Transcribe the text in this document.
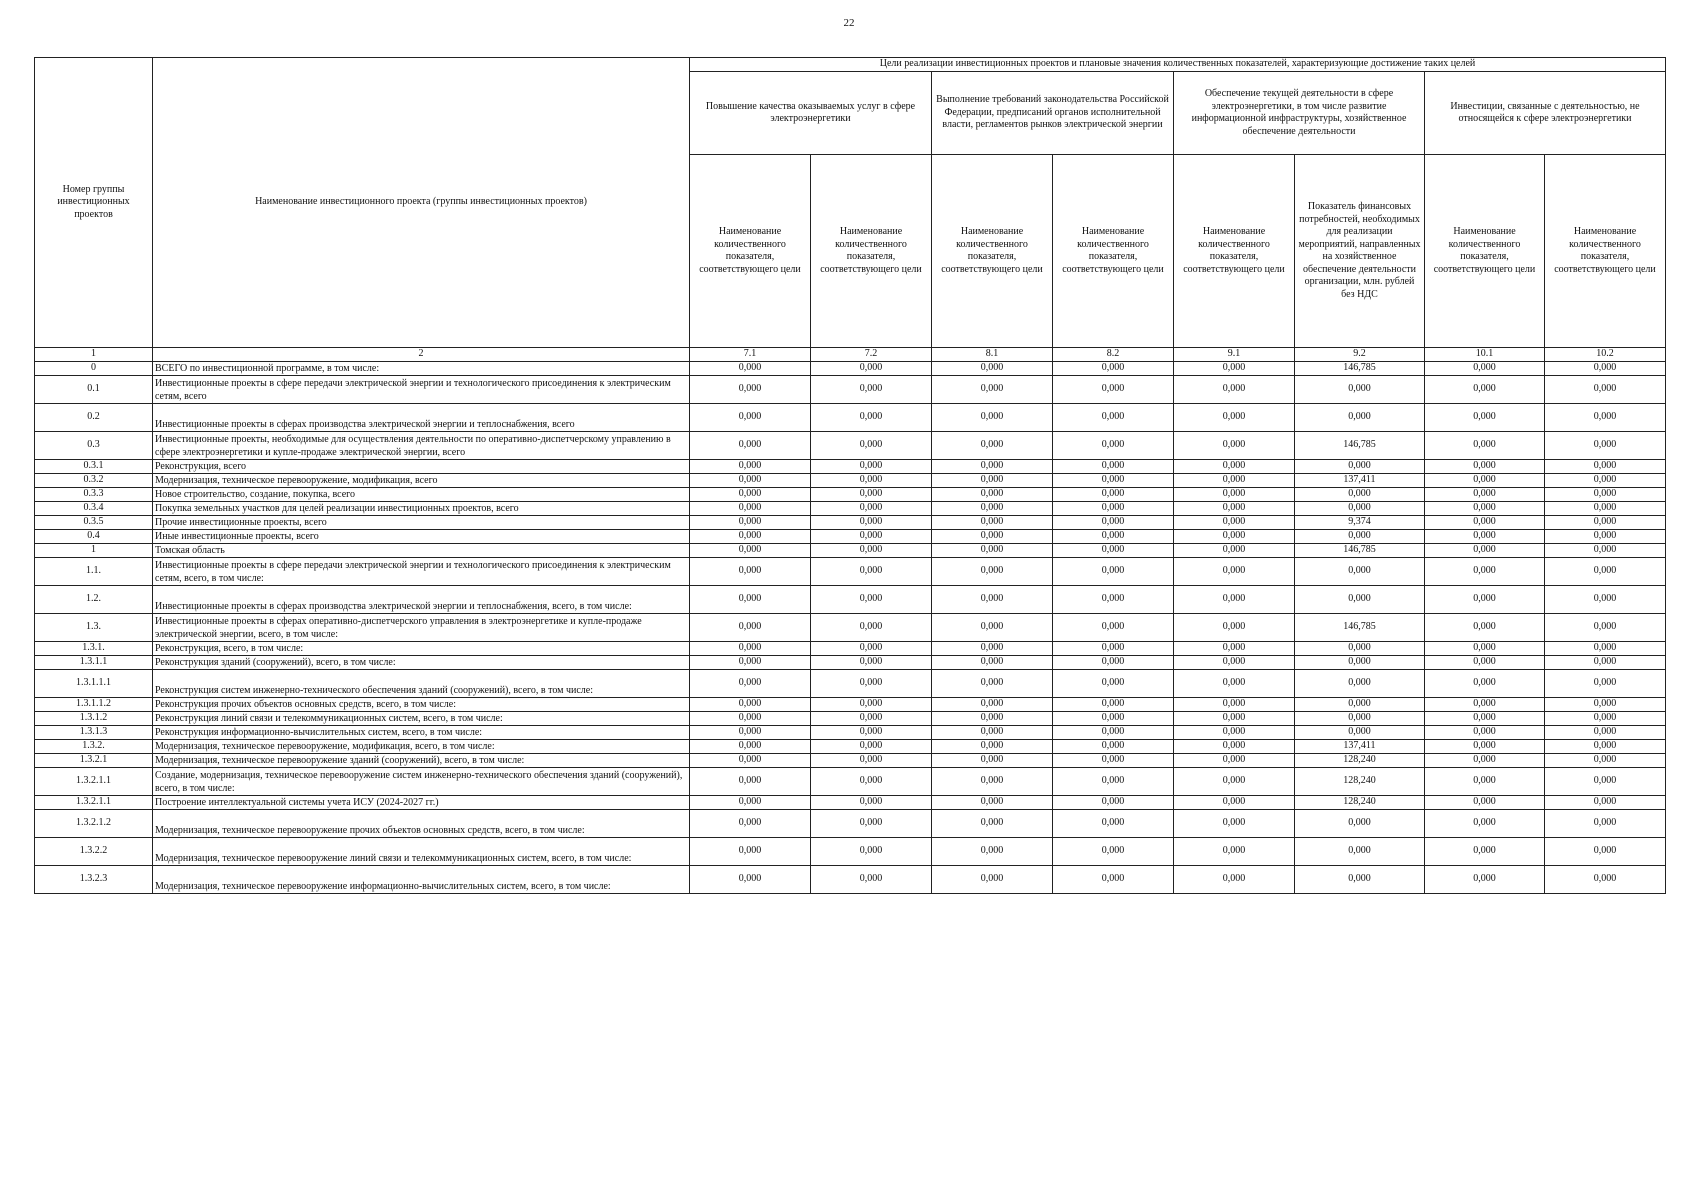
22
Номер группы инвестиционных проектов	Наименование инвестиционного проекта (группы инвестиционных проектов)	Цели реализации инвестиционных проектов и плановые значения количественных показателей, характеризующие достижение таких целей							
		Повышение качества оказываемых услуг в сфере электроэнергетики		Выполнение требований законодательства Российской Федерации, предписаний органов исполнительной власти, регламентов рынков электрической энергии		Обеспечение текущей деятельности в сфере электроэнергетики, в том числе развитие информационной инфраструктуры, хозяйственное обеспечение деятельности		Инвестиции, связанные с деятельностью, не относящейся к сфере электроэнергетики	
		Наименование количественного показателя, соответствующего цели	Наименование количественного показателя, соответствующего цели	Наименование количественного показателя, соответствующего цели	Наименование количественного показателя, соответствующего цели	Наименование количественного показателя, соответствующего цели	Показатель финансовых потребностей, необходимых для реализации мероприятий, направленных на хозяйственное обеспечение деятельности организации, млн. рублей без НДС	Наименование количественного показателя, соответствующего цели	Наименование количественного показателя, соответствующего цели
1	2	7.1	7.2	8.1	8.2	9.1	9.2	10.1	10.2
0	ВСЕГО по инвестиционной программе, в том числе:	0,000	0,000	0,000	0,000	0,000	146,785	0,000	0,000
0.1	Инвестиционные проекты в сфере передачи электрической энергии и технологического присоединения к электрическим сетям, всего	0,000	0,000	0,000	0,000	0,000	0,000	0,000	0,000
0.2	Инвестиционные проекты в сферах производства электрической энергии и теплоснабжения, всего	0,000	0,000	0,000	0,000	0,000	0,000	0,000	0,000
0.3	Инвестиционные проекты, необходимые для осуществления деятельности по оперативно-диспетчерскому управлению в сфере электроэнергетики и купле-продаже электрической энергии, всего	0,000	0,000	0,000	0,000	0,000	146,785	0,000	0,000
0.3.1	Реконструкция, всего	0,000	0,000	0,000	0,000	0,000	0,000	0,000	0,000
0.3.2	Модернизация, техническое перевооружение, модификация, всего	0,000	0,000	0,000	0,000	0,000	137,411	0,000	0,000
0.3.3	Новое строительство, создание, покупка, всего	0,000	0,000	0,000	0,000	0,000	0,000	0,000	0,000
0.3.4	Покупка земельных участков для целей реализации инвестиционных проектов, всего	0,000	0,000	0,000	0,000	0,000	0,000	0,000	0,000
0.3.5	Прочие инвестиционные проекты, всего	0,000	0,000	0,000	0,000	0,000	9,374	0,000	0,000
0.4	Иные инвестиционные проекты, всего	0,000	0,000	0,000	0,000	0,000	0,000	0,000	0,000
1	Томская область	0,000	0,000	0,000	0,000	0,000	146,785	0,000	0,000
1.1.	Инвестиционные проекты в сфере передачи электрической энергии и технологического присоединения к электрическим сетям, всего, в том числе:	0,000	0,000	0,000	0,000	0,000	0,000	0,000	0,000
1.2.	Инвестиционные проекты в сферах производства электрической энергии и теплоснабжения, всего, в том числе:	0,000	0,000	0,000	0,000	0,000	0,000	0,000	0,000
1.3.	Инвестиционные проекты в сферах оперативно-диспетчерского управления в электроэнергетике и купле-продаже электрической энергии, всего, в том числе:	0,000	0,000	0,000	0,000	0,000	146,785	0,000	0,000
1.3.1.	Реконструкция, всего, в том числе:	0,000	0,000	0,000	0,000	0,000	0,000	0,000	0,000
1.3.1.1	Реконструкция зданий (сооружений), всего, в том числе:	0,000	0,000	0,000	0,000	0,000	0,000	0,000	0,000
1.3.1.1.1	Реконструкция систем инженерно-технического обеспечения зданий (сооружений), всего, в том числе:	0,000	0,000	0,000	0,000	0,000	0,000	0,000	0,000
1.3.1.1.2	Реконструкция прочих объектов основных средств, всего, в том числе:	0,000	0,000	0,000	0,000	0,000	0,000	0,000	0,000
1.3.1.2	Реконструкция линий связи и телекоммуникационных систем, всего, в том числе:	0,000	0,000	0,000	0,000	0,000	0,000	0,000	0,000
1.3.1.3	Реконструкция информационно-вычислительных систем, всего, в том числе:	0,000	0,000	0,000	0,000	0,000	0,000	0,000	0,000
1.3.2.	Модернизация, техническое перевооружение, модификация, всего, в том числе:	0,000	0,000	0,000	0,000	0,000	137,411	0,000	0,000
1.3.2.1	Модернизация, техническое перевооружение зданий (сооружений), всего, в том числе:	0,000	0,000	0,000	0,000	0,000	128,240	0,000	0,000
1.3.2.1.1	Создание, модернизация, техническое перевооружение систем инженерно-технического обеспечения зданий (сооружений), всего, в том числе:	0,000	0,000	0,000	0,000	0,000	128,240	0,000	0,000
1.3.2.1.1	Построение интеллектуальной системы учета ИСУ (2024-2027 гг.)	0,000	0,000	0,000	0,000	0,000	128,240	0,000	0,000
1.3.2.1.2	Модернизация, техническое перевооружение прочих объектов основных средств, всего, в том числе:	0,000	0,000	0,000	0,000	0,000	0,000	0,000	0,000
1.3.2.2	Модернизация, техническое перевооружение линий связи и телекоммуникационных систем, всего, в том числе:	0,000	0,000	0,000	0,000	0,000	0,000	0,000	0,000
1.3.2.3	Модернизация, техническое перевооружение информационно-вычислительных систем, всего, в том числе:	0,000	0,000	0,000	0,000	0,000	0,000	0,000	0,000
